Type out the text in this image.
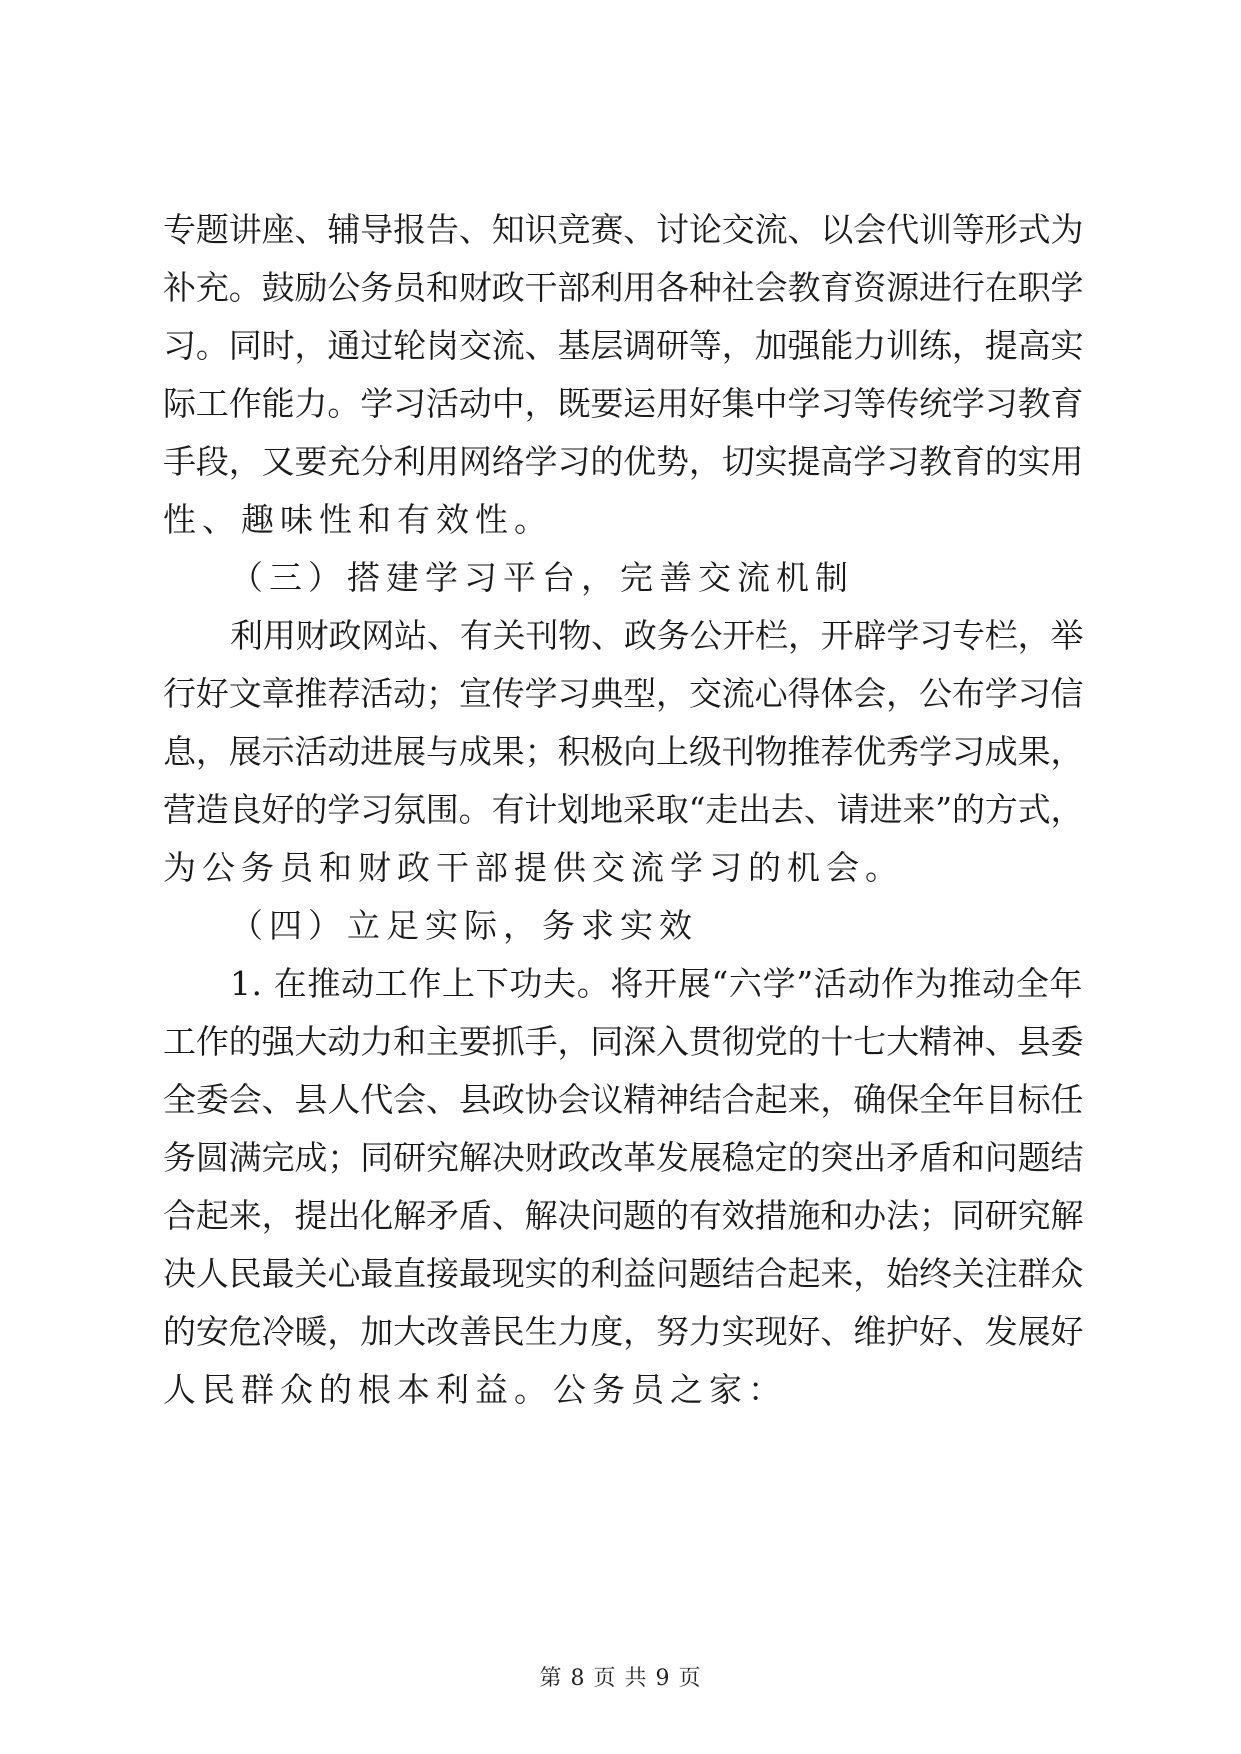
专题讲座、辅导报告、知识竞赛、讨论交流、以会代训等形式为
补充。鼓励公务员和财政干部利用各种社会教育资源进行在职学
习。同时，通过轮岗交流、基层调研等，加强能力训练，提高实
际工作能力。学习活动中，既要运用好集中学习等传统学习教育
手段，又要充分利用网络学习的优势，切实提高学习教育的实用
性、趣味性和有效性。
（三）搭建学习平台，完善交流机制
利用财政网站、有关刊物、政务公开栏，开辟学习专栏，举
行好文章推荐活动；宣传学习典型，交流心得体会，公布学习信
息，展示活动进展与成果；积极向上级刊物推荐优秀学习成果，
营造良好的学习氛围。有计划地采取“走出去、请进来”的方式，
为公务员和财政干部提供交流学习的机会。
（四）立足实际，务求实效
1. 在推动工作上下功夫。将开展“六学”活动作为推动全年
工作的强大动力和主要抓手，同深入贯彻党的十七大精神、县委
全委会、县人代会、县政协会议精神结合起来，确保全年目标任
务圆满完成；同研究解决财政改革发展稳定的突出矛盾和问题结
合起来，提出化解矛盾、解决问题的有效措施和办法；同研究解
决人民最关心最直接最现实的利益问题结合起来，始终关注群众
的安危冷暖，加大改善民生力度，努力实现好、维护好、发展好
人民群众的根本利益。公务员之家：
第 8 页 共 9 页
